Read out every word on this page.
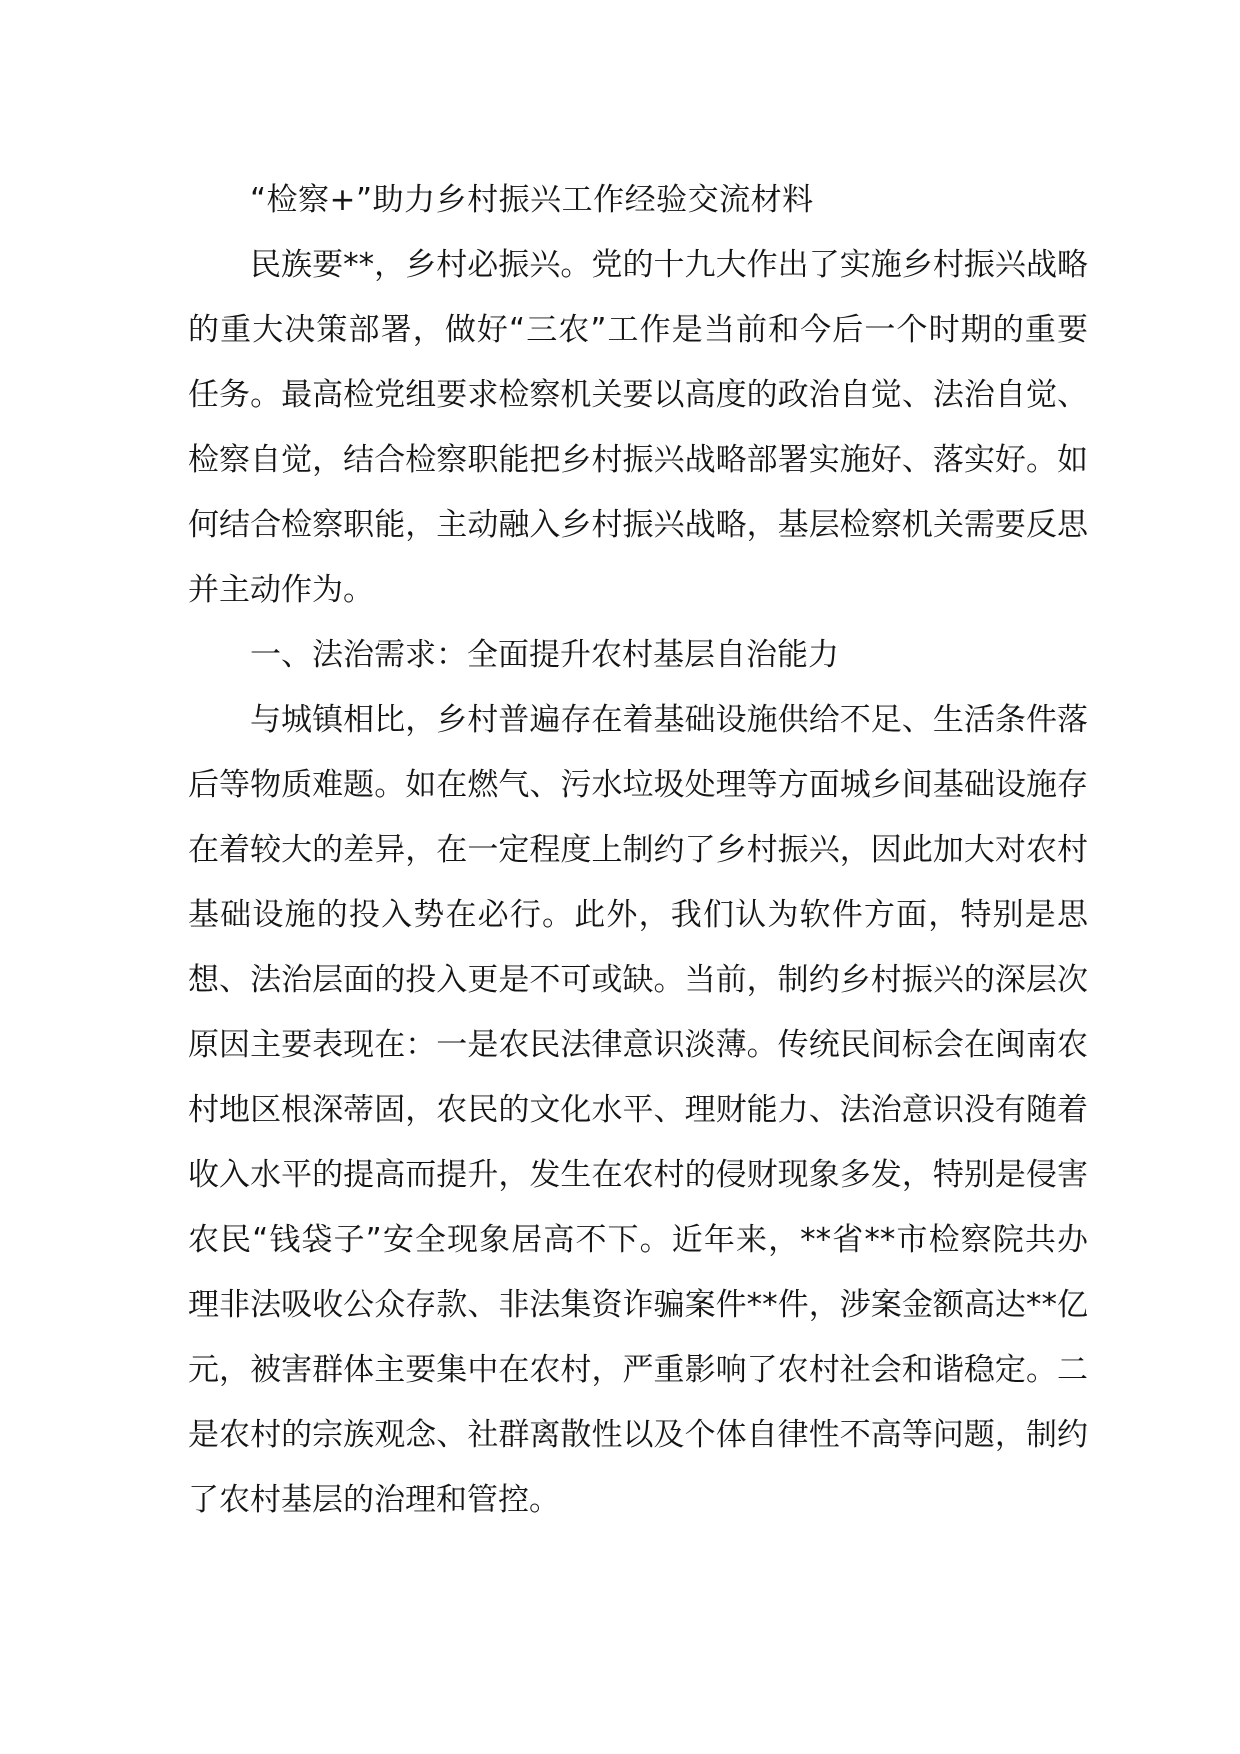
“检察+”助力乡村振兴工作经验交流材料

民族要**，乡村必振兴。党的十九大作出了实施乡村振兴战略的重大决策部署，做好“三农”工作是当前和今后一个时期的重要任务。最高检党组要求检察机关要以高度的政治自觉、法治自觉、检察自觉，结合检察职能把乡村振兴战略部署实施好、落实好。如何结合检察职能，主动融入乡村振兴战略，基层检察机关需要反思并主动作为。

一、法治需求：全面提升农村基层自治能力

与城镇相比，乡村普遍存在着基础设施供给不足、生活条件落后等物质难题。如在燃气、污水垃圾处理等方面城乡间基础设施存在着较大的差异，在一定程度上制约了乡村振兴，因此加大对农村基础设施的投入势在必行。此外，我们认为软件方面，特别是思想、法治层面的投入更是不可或缺。当前，制约乡村振兴的深层次原因主要表现在：一是农民法律意识淡薄。传统民间标会在闽南农村地区根深蒂固，农民的文化水平、理财能力、法治意识没有随着收入水平的提高而提升，发生在农村的侵财现象多发，特别是侵害农民“钱袋子”安全现象居高不下。近年来，**省**市检察院共办理非法吸收公众存款、非法集资诈骗案件**件，涉案金额高达**亿元，被害群体主要集中在农村，严重影响了农村社会和谐稳定。二是农村的宗族观念、社群离散性以及个体自律性不高等问题，制约了农村基层的治理和管控。
